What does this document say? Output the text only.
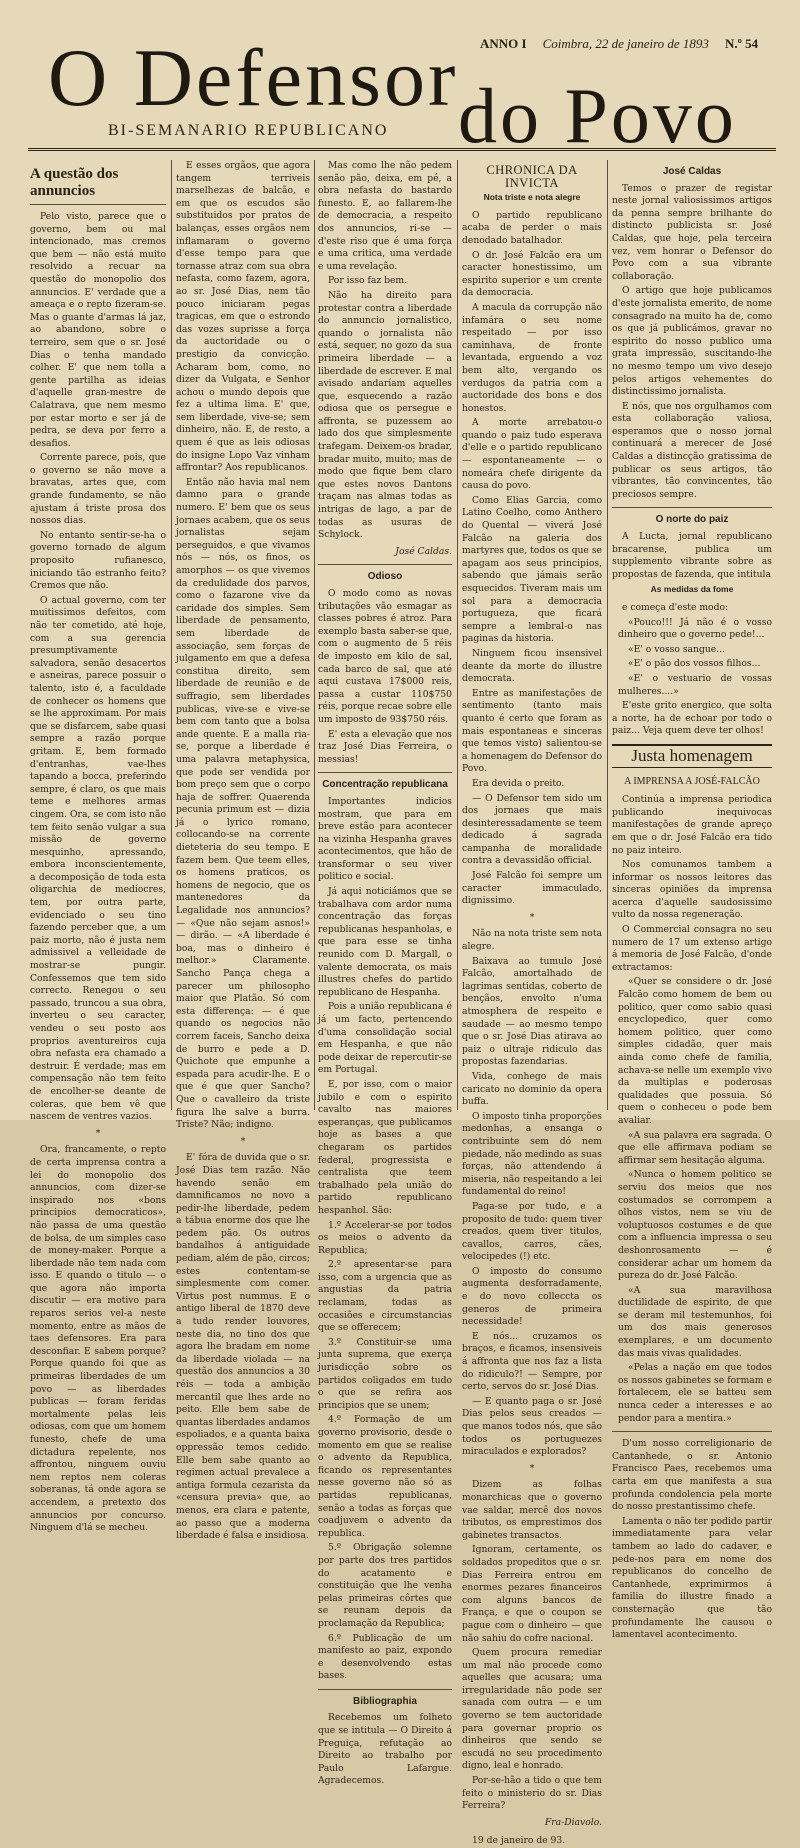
O Defensor
BI-SEMANARIO REPUBLICANO
ANNO I Coimbra, 22 de janeiro de 1893 N.º 54
do Povo
A questão dos annuncios

Pelo visto, parece que o governo, bem ou mal intencionado, mas cremos que bem — não está muito resolvido a recuar na questão do monopolio dos annuncios. E' verdade que a ameaça e o repto fizeram-se. Mas o guante d'armas lá jaz, ao abandono, sobre o terreiro, sem que o sr. José Dias o tenha mandado colher. E' que nem tolla a gente partilha as ideias d'aquelle gran-mestre de Calatrava, que nem mesmo por estar morto e ser já de pedra, se deva por ferro a desafios.

Corrente parece, pois, que o governo se não move a bravatas, artes que, com grande fundamento, se não ajustam á triste prosa dos nossos dias.

No entanto sentir-se-ha o governo tornado de algum proposito rufianesco, iniciando tão estranho feito? Cremos que não.

O actual governo, com ter muitissimos defeitos, com não ter cometido, até hoje, com a sua gerencia presumptivamente salvadora, senão desacertos e asneiras, parece possuir o talento, isto é, a faculdade de conhecer os homens que se lhe approximam. Por mais que se disfarcem, sabe quasi sempre a razão porque gritam. E, bem formado d'entranhas, vae-lhes tapando a bocca, preferindo sempre, é claro, os que mais teme e melhores armas cingem. Ora, se com isto não tem feito senão vulgar a sua missão de governo mesquinho, apressando, embora inconscientemente, a decomposição de toda esta oligarchia de medíocres, tem, por outra parte, evidenciado o seu tino fazendo perceber que, a um paiz morto, não é justa nem admissivel a velleidade de mostrar-se pungir. Confessemos que tem sido correcto. Renegou o seu passado, truncou a sua obra, inverteu o seu caracter, vendeu o seu posto aos proprios aventureiros cuja obra nefasta era chamado a destruir. É verdade; mas em compensação não tem feito de encolher-se deante de coleras, que bem vê que nascem de ventres vazios.

*

Ora, francamente, o repto de certa imprensa contra a lei do monopolio dos annuncios, com dizer-se inspirado nos «bons principios democraticos», não passa de uma questão de bolsa, de um simples caso de money-maker. Porque a liberdade não tem nada com isso. E quando o titulo — o que agora não importa discutir — era motivo para reparos serios vel-a neste momento, entre as mãos de taes defensores. Era para desconfiar. E sabem porque? Porque quando foi que as primeiras liberdades de um povo — as liberdades publicas — foram feridas mortalmente pelas leis odiosas, com que um homem funesto, chefe de uma dictadura repelente, nos affrontou, ninguem ouviu nem reptos nem coleras soberanas, tá onde agora se accendem, a pretexto dos annuncios por concurso. Ninguem d'lá se mecheu.

E esses orgãos, que agora tangem terriveis marselhezas de balcão, e em que os escudos são substituidos por pratos de balanças, esses orgãos nem inflamaram o governo d'esse tempo para que tornasse atraz com sua obra nefasta, como fazem, agora, ao sr. José Dias, nem tão pouco iniciaram pegas tragicas, em que o estrondo das vozes suprisse a força da auctoridade ou o prestigio da convicção. Acharam bom, como, no dizer da Vulgata, e Senhor achou o mundo depois que fez a ultima lima. E' que, sem liberdade, vive-se; sem dinheiro, não. E, de resto, a quem é que as leis odiosas do insigne Lopo Vaz vinham affrontar? Aos republicanos.

Então não havia mal nem damno para o grande numero. E' bem que os seus jornaes acabem, que os seus jornalistas sejam perseguidos, e que vivamos nós — nós, os finos, os amorphos — os que vivemos da credulidade dos parvos, como o fazarone vive da caridade dos simples. Sem liberdade de pensamento, sem liberdade de associação, sem forças de julgamento em que a defesa constitua direito, sem liberdade de reunião e de suffragio, sem liberdades publicas, vive-se e vive-se bem com tanto que a bolsa ande quente. E a malla ria-se, porque a liberdade é uma palavra metaphysica, que pode ser vendida por bom preço sem que o corpo haja de soffrer. Quaerenda pecunia primum est — dizia já o lyrico romano, collocando-se na corrente dieteteria do seu tempo. E fazem bem. Que teem elles, os homens praticos, os homens de negocio, que os mantenedores da Legalidade nos annuncios? — «Que não sejam asnos!» — dirão. — «A liberdade é boa, mas o dinheiro é melhor.» Claramente. Sancho Pança chega a parecer um philosopho maior que Platão. Só com esta differença: — é que quando os negocios não correm faceis, Sancho deixa de burro e pede a D. Quichote que empunhe a espada para acudir-lhe. E o que é que quer Sancho? Que o cavalleiro da triste figura lhe salve a burra. Triste? Não; indigno.

*

E' fóra de duvida que o sr. José Dias tem razão. Não havendo senão em damnificamos no novo a pedir-lhe liberdade, pedem a tábua enorme dos que lhe pedem pão. Os outros bandalhos á antiguidade pediam, além de pão, circos; estes contentam-se simplesmente com comer. Virtus post nummus. E o antigo liberal de 1870 deve a tudo render louvores, neste dia, no tino dos que agora lhe bradam em nome da liberdade violada — na questão dos annuncios a 30 réis — toda a ambição mercantil que lhes arde no peito. Elle bem sabe de quantas liberdades andamos espoliados, e a quanta baixa oppressão temos cedido. Elle bem sabe quanto ao regimen actual prevalece a antiga formula cezarista da «censura previa» que, ao menos, era clara e patente, ao passo que a moderna liberdade é falsa e insidiosa.

Mas como lhe não pedem senão pão, deixa, em pé, a obra nefasta do bastardo funesto. E, ao fallarem-lhe de democracia, a respeito dos annuncios, ri-se — d'este riso que é uma força e uma critica, uma verdade e uma revelação.

Por isso faz bem.

Não ha direito para protestar contra a liberdade do annuncio jornalistico, quando o jornalista não está, sequer, no gozo da sua primeira liberdade — a liberdade de escrever. E mal avisado andaríam aquelles que, esquecendo a razão odiosa que os persegue e affronta, se puzessem ao lado dos que simplesmente trafegam. Deixem-os bradar, bradar muito, muito; mas de modo que fique bem claro que estes novos Dantons traçam nas almas todas as intrigas de lago, a par de todas as usuras de Schylock.

José Caldas.
Odioso

O modo como as novas tributações vão esmagar as classes pobres é atroz. Para exemplo basta saber-se que, com o augmento de 5 réis de imposto em kilo de sal, cada barco de sal, que até aqui custava 17$000 reis, passa a custar 110$750 réis, porque recae sobre elle um imposto de 93$750 réis.

E' esta a elevação que nos traz José Dias Ferreira, o messias!

Concentração republicana

Importantes indicios mostram, que para em breve estão para acontecer na vizinha Hespanha graves acontecimentos, que hão de transformar o seu viver politico e social.

Já aqui noticiámos que se trabalhava com ardor numa concentração das forças republicanas hespanholas, e que para esse se tinha reunido com D. Margall, o valente democrata, os mais illustres chefes do partido republicano de Hespanha.

Pois a união republicana é já um facto, pertencendo d'uma consolidação social em Hespanha, e que não pode deixar de repercutir-se em Portugal.

E, por isso, com o maior jubilo e com o espirito cavalto nas maiores esperanças, que publicamos hoje as bases a que chegaram os partidos federal, progressista e centralista que teem trabalhado pela união do partido republicano hespanhol. São:

1.º Accelerar-se por todos os meios o advento da Republica;

2.º apresentar-se para isso, com a urgencia que as angustias da patria reclamam, todas as occasiões e circumstancias que se offerecem;

3.º Constituir-se uma junta suprema, que exerça jurisdicção sobre os partidos coligados em tudo o que se refira aos principios que se unem;

4.º Formação de um governo provisorio, desde o momento em que se realise o advento da Republica, ficando os representantes nesse governo não só as partidas republicanas, senão a todas as forças que coadjuvem o advento da republica.

5.º Obrigação solemne por parte dos tres partidos do acatamento e constituição que lhe venha pelas primeiras côrtes que se reunam depois da proclamação da Republica;

6.º Publicação de um manifesto ao paiz, expondo e desenvolvendo estas bases.

Bibliographia

Recebemos um folheto que se intitula — O Direito á Preguiça, refutação ao Direito ao trabalho por Paulo Lafargue. Agradecemos.

CHRONICA DA INVICTA
Nota triste e nota alegre

O partido republicano acaba de perder o mais denodado batalhador.

O dr. José Falcão era um caracter honestissimo, um espirito superior e um crente da democracia.

A macula da corrupção não infamára o seu nome respeitado — por isso caminhava, de fronte levantada, erguendo a voz bem alto, vergando os verdugos da patria com a auctoridade dos bons e dos honestos.

A morte arrebatou-o quando o paiz tudo esperava d'elle e o partido republicano — espontaneamente — o nomeára chefe dirigente da causa do povo.

Como Elias Garcia, como Latino Coelho, como Anthero do Quental — viverá José Falcão na galeria dos martyres que, todos os que se apagam aos seus principios, sabendo que jámais serão esquecidos. Tiveram mais um sol para a democracia portugueza, que ficará sempre a lembral-o nas paginas da historia.

Ninguem ficou insensivel deante da morte do illustre democrata.

Entre as manifestações de sentimento (tanto mais quanto é certo que foram as mais espontaneas e sinceras que temos visto) salientou-se a homenagem do Defensor do Povo.

Era devida o preito.

— O Defensor tem sido um dos jornaes que mais desinteressadamente se teem dedicado á sagrada campanha de moralidade contra a devassidão official.

José Falcão foi sempre um caracter immaculado, dignissimo.

*

Não na nota triste sem nota alegre.

Baixava ao tumulo José Falcão, amortalhado de lagrimas sentidas, coberto de bençãos, envolto n'uma atmosphera de respeito e saudade — ao mesmo tempo que o sr. José Dias atirava ao paiz o ultraje ridiculo das propostas fazendarias.

Vida, conhego de mais caricato no dominio da opera buffa.

O imposto tinha proporções medonhas, a ensanga o contribuinte sem dó nem piedade, não medindo as suas forças, não attendendo á miseria, não respeitando a lei fundamental do reino!

Paga-se por tudo, e a proposito de tudo: quem tiver creados, quem tiver titulos, cavallos, carros, cães, velocipedes (!) etc.

O imposto do consumo augmenta desforradamente, e do novo colleccta os generos de primeira necessidade!

E nós... cruzamos os braços, e ficamos, insensiveis á affronta que nos faz a lista do ridiculo?! — Sempre, por certo, servos do sr. José Dias.

— E quanto paga o sr. José Dias pelos seus creados — que manos todos nós, que são todos os portuguezes miraculados e explorados?

*

Dizem as folhas monarchicas que o governo vae saldar, mercê dos novos tributos, os emprestimos dos gabinetes transactos.

Ignoram, certamente, os soldados propeditos que o sr. Dias Ferreira entrou em enormes pezares financeiros com alguns bancos de França, e que o coupon se pague com o dinheiro — que não sahiu do cofre nacional.

Quem procura remediar um mal não procede como aquelles que acusara; uma irregularidade não pode ser sanada com outra — e um governo se tem auctoridade para governar proprio os dinheiros que sendo se escudá no seu procedimento digno, leal e honrado.

Por-se-hão a tido o que tem feito o ministerio do sr. Dias Ferreira?

Fra-Diavolo.

19 de janeiro de 93.

José Caldas

Temos o prazer de registar neste jornal valiosissimos artigos da penna sempre brilhante do distincto publicista sr. José Caldas, que hoje, pela terceira vez, vem honrar o Defensor do Povo com a sua vibrante collaboração.

O artigo que hoje publicamos d'este jornalista emerito, de nome consagrado na muito ha de, como os que já publicámos, gravar no espirito do nosso publico uma grata impressão, suscitando-lhe no mesmo tempo um vivo desejo pelos artigos vehementes do distinctissimo jornalista.

E nós, que nos orgulhamos com esta collaboração valiosa, esperamos que o nosso jornal continuará a merecer de José Caldas a distincção gratissima de publicar os seus artigos, tão vibrantes, tão convincentes, tão preciosos sempre.

O norte do paiz

A Lucta, jornal republicano bracarense, publica um supplemento vibrante sobre as propostas de fazenda, que intitula

As medidas da fome

e começa d'este modo:

«Pouco!!! Já não é o vosso dinheiro que o governo pede!...

«E' o vosso sangue...

«E' o pão dos vossos filhos...

«E' o vestuario de vossas mulheres....»

E'este grito energico, que solta a norte, ha de echoar por todo o paiz... Veja quem deve ter olhos!

Justa homenagem
A IMPRENSA A JOSÉ-FALCÃO

Continúa a imprensa periodica publicando inequivocas manifestações de grande apreço em que o dr. José Falcão era tido no paiz inteiro.

Nos comunamos tambem a informar os nossos leitores das sinceras opiniões da imprensa acerca d'aquelle saudosissimo vulto da nossa regeneração.

O Commercial consagra no seu numero de 17 um extenso artigo á memoria de José Falcão, d'onde extractamos:

«Quer se considere o dr. José Falcão como homem de bem ou politico, quer como sabio quasi encyclopedico, quer como homem politico, quer como simples cidadão, quer mais ainda como chefe de familia, achava-se nelle um exemplo vivo da multiplas e poderosas qualidades que possuia. Só quem o conheceu o pode bem avaliar.

«A sua palavra era sagrada. O que elle affirmava podiam se affirmar sem hesitação alguma.

«Nunca o homem politico se serviu dos meios que nos costumados se corrompem a olhos vistos, nem se viu de voluptuosos costumes e de que com a influencia impressa o seu deshonrosamento — é considerar achar um homem da pureza do dr. José Falcão.

«A sua maravilhosa ductilidade de espirito, de que se deram mil testemunhos, foi um dos mais generosos exemplares, e um documento das mais vivas qualidades.

«Pelas a nação em que todos os nossos gabinetes se formam e fortalecem, ele se batteu sem nunca ceder a interesses e ao pendor para a mentira.»

D'um nosso correligionario de Cantanhede, o sr. Antonio Francisco Paes, recebemos uma carta em que manifesta a sua profunda condolencia pela morte do nosso prestantissimo chefe.

Lamenta o não ter podido partir immediatamente para velar tambem ao lado do cadaver, e pede-nos para em nome dos republicanos do concelho de Cantanhede, exprimirmos á familia do illustre finado a consternação que tão profundamente lhe causou o lamentavel acontecimento.
